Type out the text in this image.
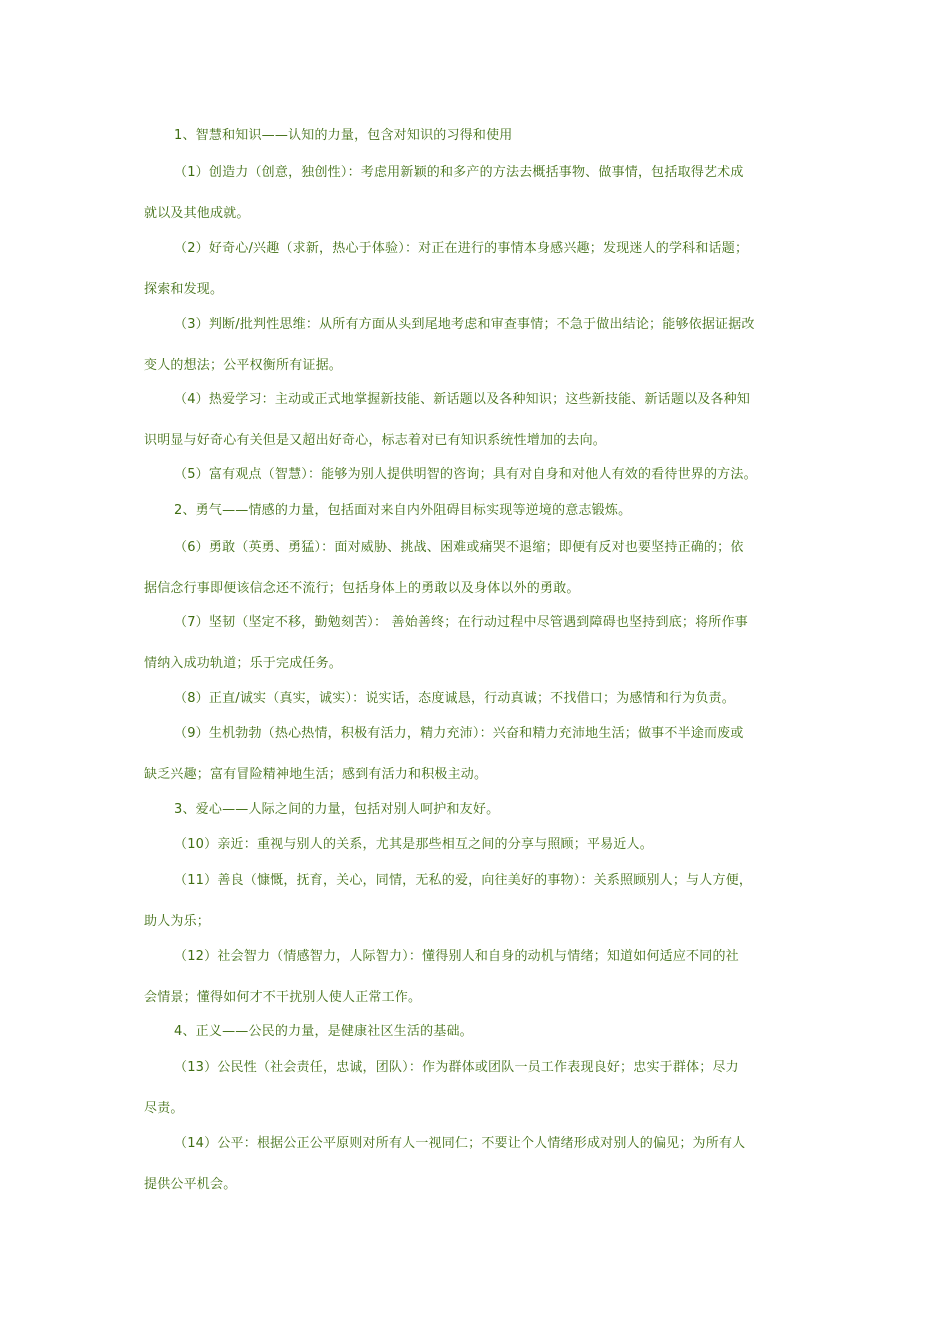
1、智慧和知识——认知的力量，包含对知识的习得和使用
（1）创造力（创意，独创性）：考虑用新颖的和多产的方法去概括事物、做事情，包括取得艺术成
就以及其他成就。
（2）好奇心/兴趣（求新，热心于体验）：对正在进行的事情本身感兴趣；发现迷人的学科和话题；
探索和发现。
（3）判断/批判性思维：从所有方面从头到尾地考虑和审查事情；不急于做出结论；能够依据证据改
变人的想法；公平权衡所有证据。
（4）热爱学习：主动或正式地掌握新技能、新话题以及各种知识；这些新技能、新话题以及各种知
识明显与好奇心有关但是又超出好奇心，标志着对已有知识系统性增加的去向。
（5）富有观点（智慧）：能够为别人提供明智的咨询；具有对自身和对他人有效的看待世界的方法。
2、勇气——情感的力量，包括面对来自内外阻碍目标实现等逆境的意志锻炼。
（6）勇敢（英勇、勇猛）：面对威胁、挑战、困难或痛哭不退缩；即便有反对也要坚持正确的；依
据信念行事即便该信念还不流行；包括身体上的勇敢以及身体以外的勇敢。
（7）坚韧（坚定不移，勤勉刻苦）： 善始善终；在行动过程中尽管遇到障碍也坚持到底；将所作事
情纳入成功轨道；乐于完成任务。
（8）正直/诚实（真实，诚实）：说实话，态度诚恳，行动真诚；不找借口；为感情和行为负责。
（9）生机勃勃（热心热情，积极有活力，精力充沛）：兴奋和精力充沛地生活；做事不半途而废或
缺乏兴趣；富有冒险精神地生活；感到有活力和积极主动。
3、爱心——人际之间的力量，包括对别人呵护和友好。
（10）亲近：重视与别人的关系，尤其是那些相互之间的分享与照顾；平易近人。
（11）善良（慷慨，抚育，关心，同情，无私的爱，向往美好的事物）：关系照顾别人；与人方便，
助人为乐；
（12）社会智力（情感智力，人际智力）：懂得别人和自身的动机与情绪；知道如何适应不同的社
会情景；懂得如何才不干扰别人使人正常工作。
4、正义——公民的力量，是健康社区生活的基础。
（13）公民性（社会责任，忠诚，团队）：作为群体或团队一员工作表现良好；忠实于群体；尽力
尽责。
（14）公平：根据公正公平原则对所有人一视同仁；不要让个人情绪形成对别人的偏见；为所有人
提供公平机会。
